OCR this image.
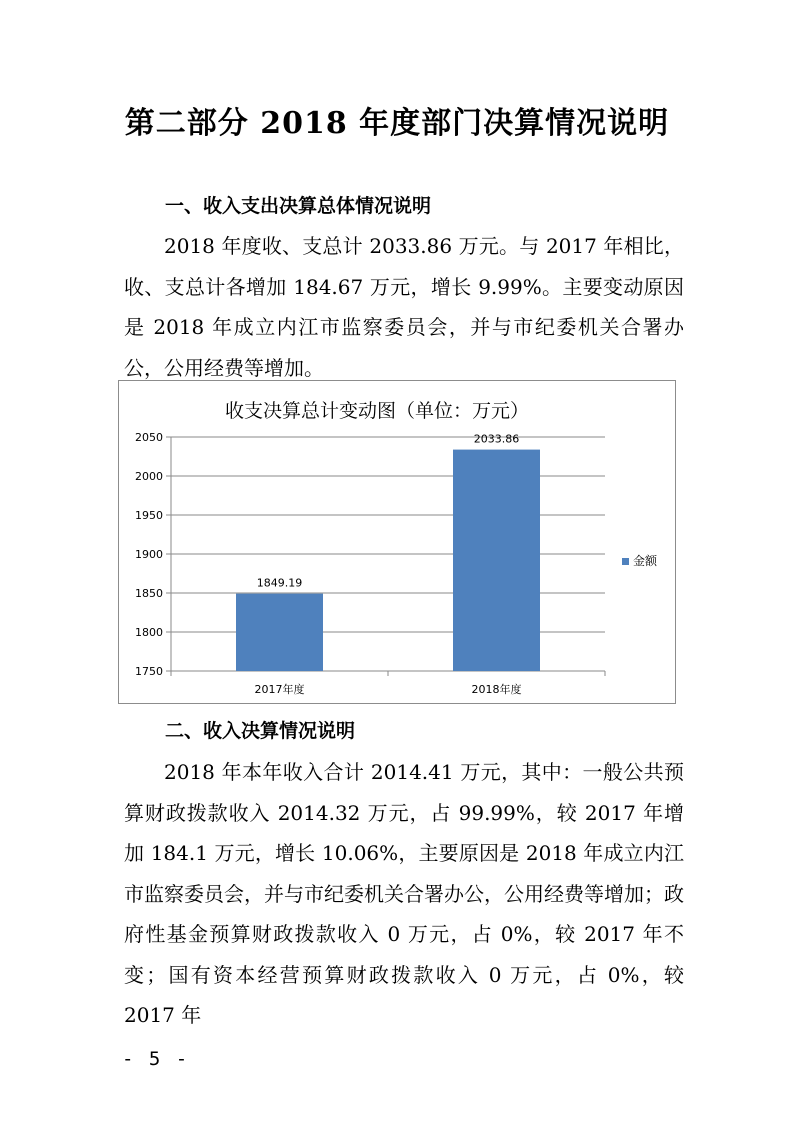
第二部分 2018 年度部门决算情况说明
一、收入支出决算总体情况说明
2018 年度收、支总计 2033.86 万元。与 2017 年相比，收、支总计各增加 184.67 万元，增长 9.99%。主要变动原因是 2018 年成立内江市监察委员会，并与市纪委机关合署办公，公用经费等增加。
收支决算总计变动图（单位：万元）
1750
1800
1850
1900
1950
2000
2050
2017年度	2018年度
1849.19
2033.86
金额
二、收入决算情况说明
2018 年本年收入合计 2014.41 万元，其中：一般公共预算财政拨款收入 2014.32 万元，占 99.99%，较 2017 年增加 184.1 万元，增长 10.06%，主要原因是 2018 年成立内江市监察委员会，并与市纪委机关合署办公，公用经费等增加；政府性基金预算财政拨款收入 0 万元，占 0%，较 2017 年不变；国有资本经营预算财政拨款收入 0 万元，占 0%，较 2017 年
- 5 -
